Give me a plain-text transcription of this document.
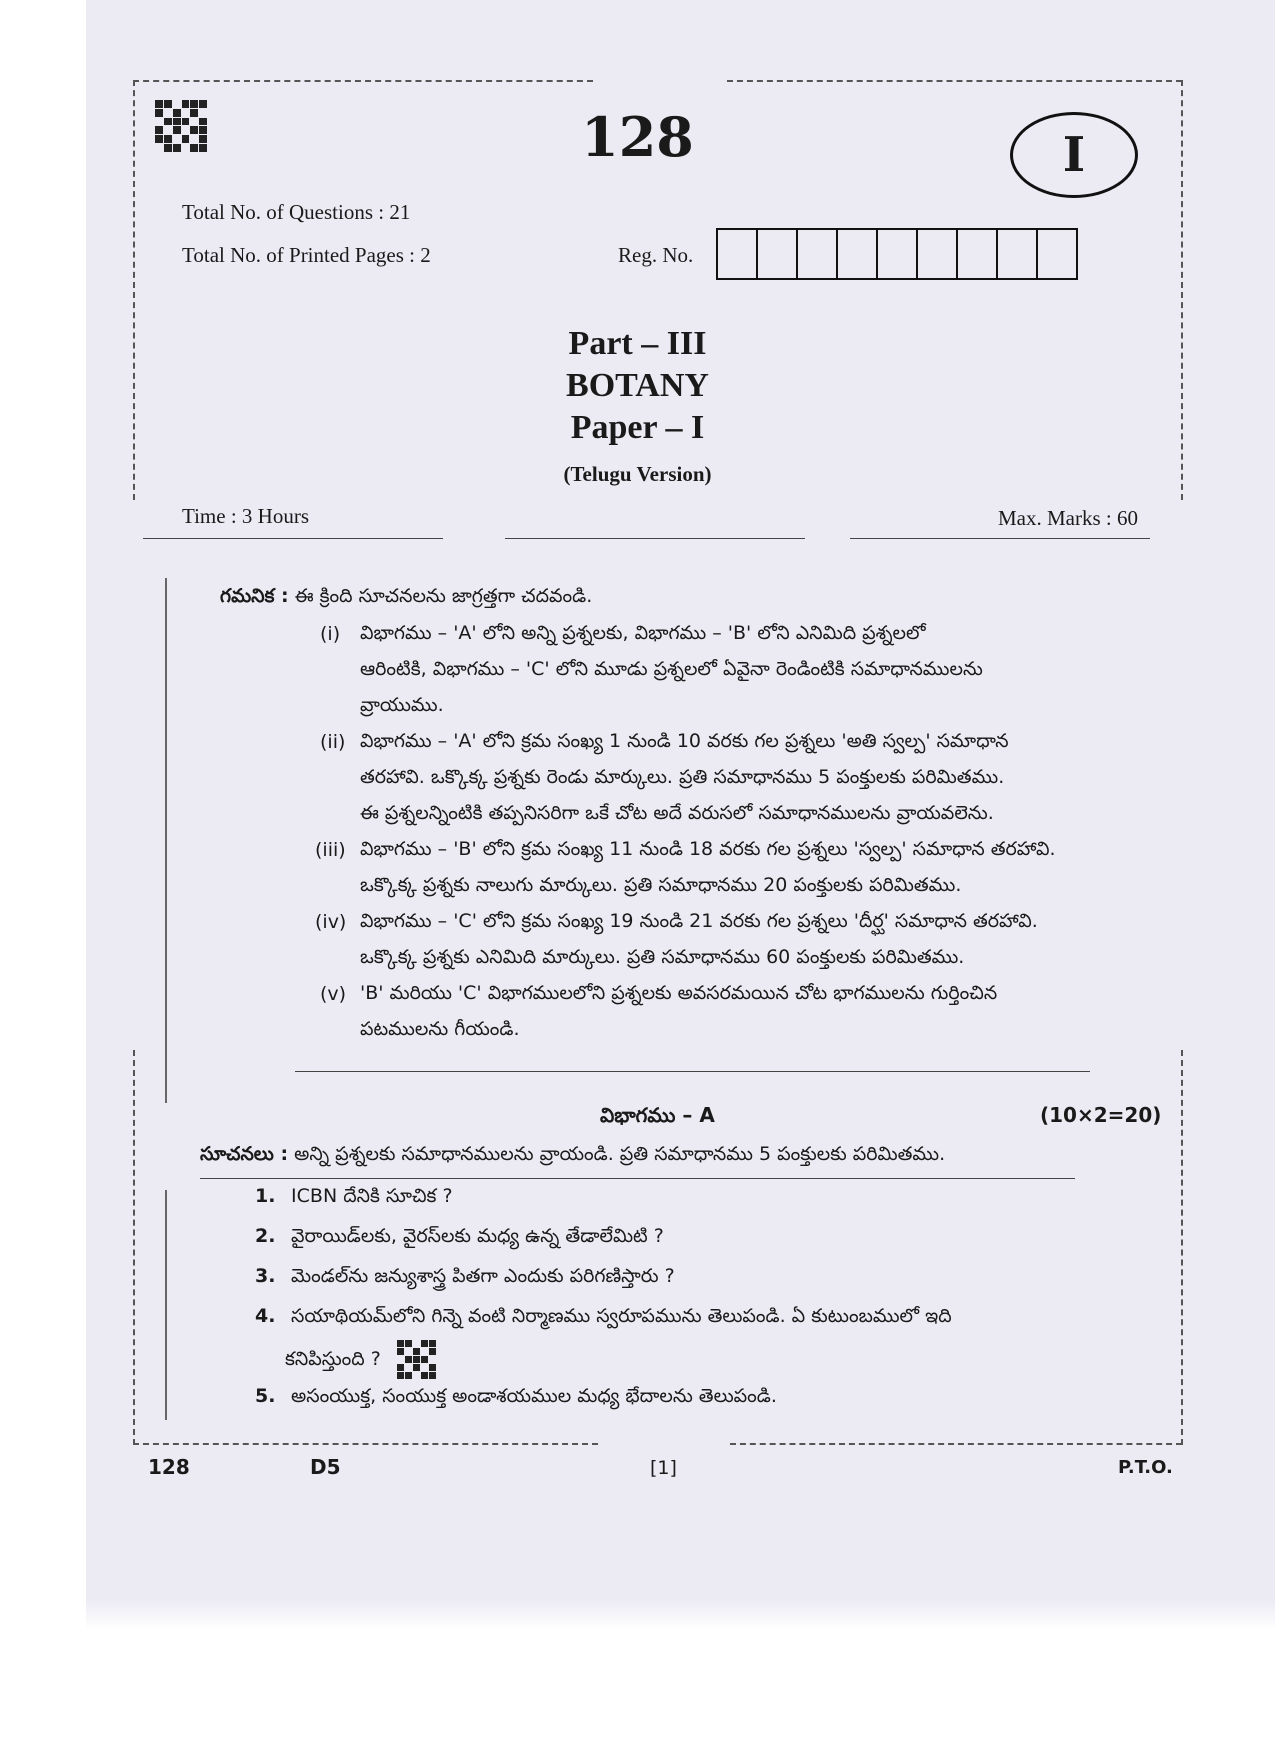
128	I
Total No. of Questions : 21
Total No. of Printed Pages : 2	Reg. No.
Part – III
BOTANY
Paper – I
(Telugu Version)
Time : 3 Hours	Max. Marks : 60
గమనిక : ఈ క్రింది సూచనలను జాగ్రత్తగా చదవండి.
(i) విభాగము – 'A' లోని అన్ని ప్రశ్నలకు, విభాగము – 'B' లోని ఎనిమిది ప్రశ్నలలో
ఆరింటికి, విభాగము – 'C' లోని మూడు ప్రశ్నలలో ఏవైనా రెండింటికి సమాధానములను
వ్రాయుము.
(ii) విభాగము – 'A' లోని క్రమ సంఖ్య 1 నుండి 10 వరకు గల ప్రశ్నలు 'అతి స్వల్ప' సమాధాన
తరహావి. ఒక్కొక్క ప్రశ్నకు రెండు మార్కులు. ప్రతి సమాధానము 5 పంక్తులకు పరిమితము.
ఈ ప్రశ్నలన్నింటికి తప్పనిసరిగా ఒకే చోట అదే వరుసలో సమాధానములను వ్రాయవలెను.
(iii) విభాగము – 'B' లోని క్రమ సంఖ్య 11 నుండి 18 వరకు గల ప్రశ్నలు 'స్వల్ప' సమాధాన తరహావి.
ఒక్కొక్క ప్రశ్నకు నాలుగు మార్కులు. ప్రతి సమాధానము 20 పంక్తులకు పరిమితము.
(iv) విభాగము – 'C' లోని క్రమ సంఖ్య 19 నుండి 21 వరకు గల ప్రశ్నలు 'దీర్ఘ' సమాధాన తరహావి.
ఒక్కొక్క ప్రశ్నకు ఎనిమిది మార్కులు. ప్రతి సమాధానము 60 పంక్తులకు పరిమితము.
(v) 'B' మరియు 'C' విభాగములలోని ప్రశ్నలకు అవసరమయిన చోట భాగములను గుర్తించిన
పటములను గీయండి.
విభాగము – A	(10×2=20)
సూచనలు : అన్ని ప్రశ్నలకు సమాధానములను వ్రాయండి. ప్రతి సమాధానము 5 పంక్తులకు పరిమితము.
1. ICBN దేనికి సూచిక ?
2. వైరాయిడ్‌లకు, వైరస్‌లకు మధ్య ఉన్న తేడాలేమిటి ?
3. మెండల్‌ను జన్యుశాస్త్ర పితగా ఎందుకు పరిగణిస్తారు ?
4. సయాథియమ్‌లోని గిన్నె వంటి నిర్మాణము స్వరూపమును తెలుపండి. ఏ కుటుంబములో ఇది
కనిపిస్తుంది ?
5. అసంయుక్త, సంయుక్త అండాశయముల మధ్య భేదాలను తెలుపండి.
128	D5	[1]	P.T.O.
